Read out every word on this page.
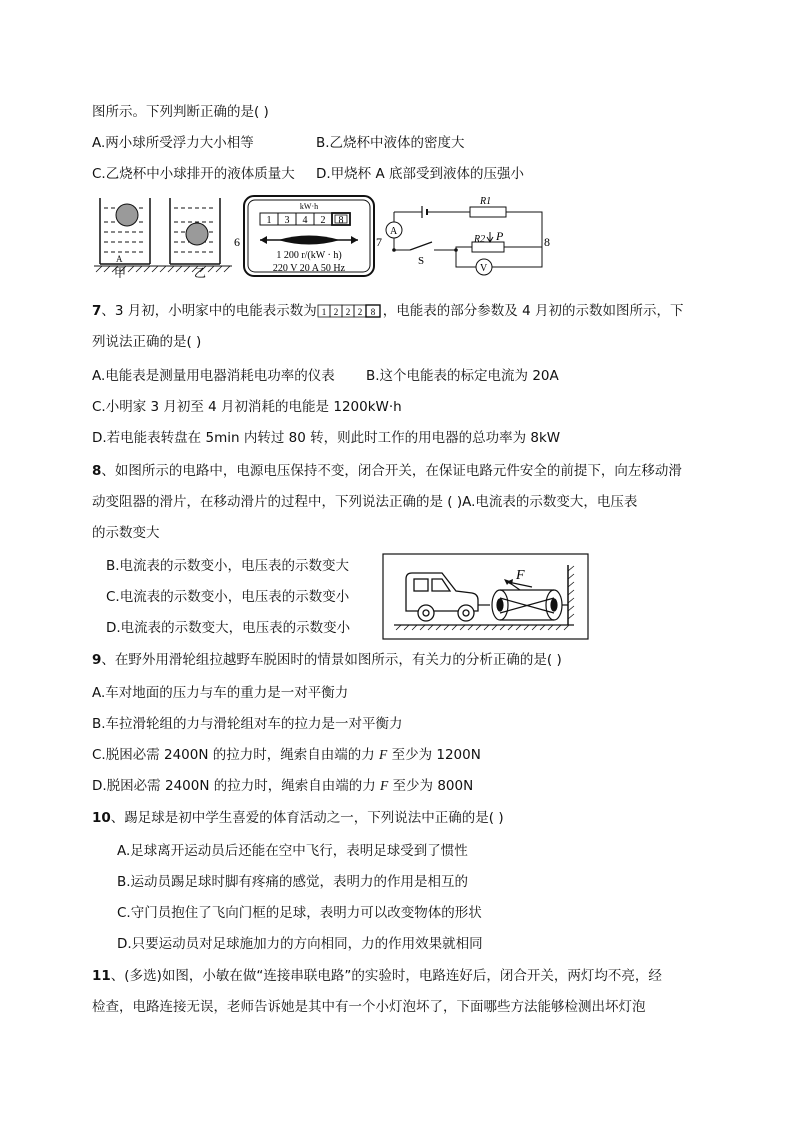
图所示。下列判断正确的是( )
A.两小球所受浮力大小相等	B.乙烧杯中液体的密度大
C.乙烧杯中小球排开的液体质量大 D.甲烧杯 A 底部受到液体的压强小
A
甲	乙
6
kW·h
1 3 4 2 8
1 200 r/(kW · h)
220 V 20 A 50 Hz
7
A
V
R1
R2 P
S
8
7、3 月初，小明家中的电能表示数为 1 2 2 2 8 ，电能表的部分参数及 4 月初的示数如图所示，下
列说法正确的是( )
A.电能表是测量用电器消耗电功率的仪表 B.这个电能表的标定电流为 20A
C.小明家 3 月初至 4 月初消耗的电能是 1200kW·h
D.若电能表转盘在 5min 内转过 80 转，则此时工作的用电器的总功率为 8kW
8、如图所示的电路中，电源电压保持不变，闭合开关，在保证电路元件安全的前提下，向左移动滑
动变阻器的滑片，在移动滑片的过程中，下列说法正确的是 ( )A.电流表的示数变大，电压表
的示数变大
B.电流表的示数变小，电压表的示数变大
C.电流表的示数变小，电压表的示数变小
D.电流表的示数变大，电压表的示数变小
F
9、在野外用滑轮组拉越野车脱困时的情景如图所示，有关力的分析正确的是( )
A.车对地面的压力与车的重力是一对平衡力
B.车拉滑轮组的力与滑轮组对车的拉力是一对平衡力
C.脱困必需 2400N 的拉力时，绳索自由端的力 F 至少为 1200N
D.脱困必需 2400N 的拉力时，绳索自由端的力 F 至少为 800N
10、踢足球是初中学生喜爱的体育活动之一，下列说法中正确的是( )
A.足球离开运动员后还能在空中飞行，表明足球受到了惯性
B.运动员踢足球时脚有疼痛的感觉，表明力的作用是相互的
C.守门员抱住了飞向门框的足球，表明力可以改变物体的形状
D.只要运动员对足球施加力的方向相同，力的作用效果就相同
11、(多选)如图，小敏在做“连接串联电路”的实验时，电路连好后，闭合开关，两灯均不亮，经
检查，电路连接无误，老师告诉她是其中有一个小灯泡坏了，下面哪些方法能够检测出坏灯泡
